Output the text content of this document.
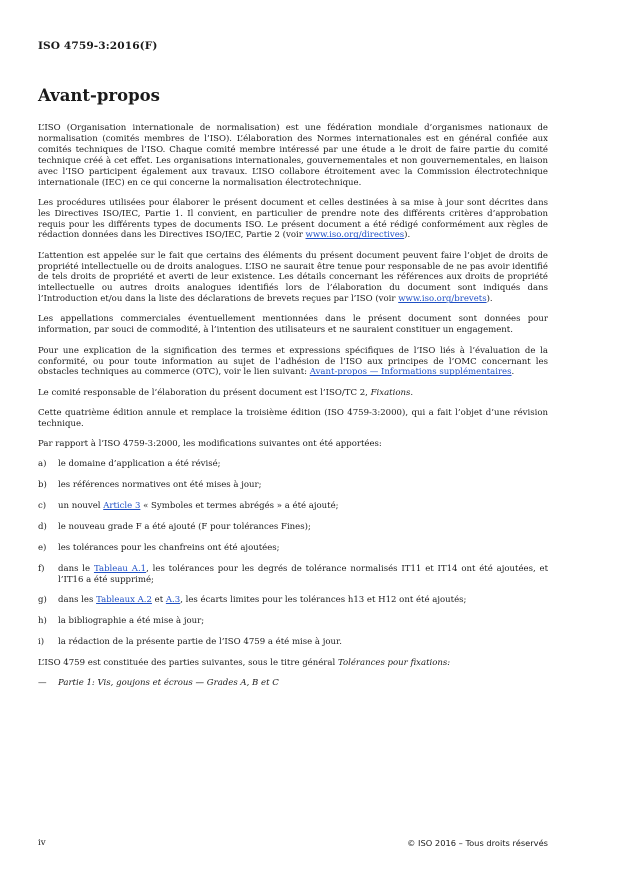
ISO 4759-3:2016(F)
Avant-propos

L’ISO (Organisation internationale de normalisation) est une fédération mondiale d’organismes nationaux de normalisation (comités membres de l’ISO). L’élaboration des Normes internationales est en général confiée aux comités techniques de l’ISO. Chaque comité membre intéressé par une étude a le droit de faire partie du comité technique créé à cet effet. Les organisations internationales, gouvernementales et non gouvernementales, en liaison avec l’ISO participent également aux travaux. L’ISO collabore étroitement avec la Commission électrotechnique internationale (IEC) en ce qui concerne la normalisation électrotechnique.

Les procédures utilisées pour élaborer le présent document et celles destinées à sa mise à jour sont décrites dans les Directives ISO/IEC, Partie 1. Il convient, en particulier de prendre note des différents critères d’approbation requis pour les différents types de documents ISO. Le présent document a été rédigé conformément aux règles de rédaction données dans les Directives ISO/IEC, Partie 2 (voir www.iso.org/directives).

L’attention est appelée sur le fait que certains des éléments du présent document peuvent faire l’objet de droits de propriété intellectuelle ou de droits analogues. L’ISO ne saurait être tenue pour responsable de ne pas avoir identifié de tels droits de propriété et averti de leur existence. Les détails concernant les références aux droits de propriété intellectuelle ou autres droits analogues identifiés lors de l’élaboration du document sont indiqués dans l’Introduction et/ou dans la liste des déclarations de brevets reçues par l’ISO (voir www.iso.org/brevets).

Les appellations commerciales éventuellement mentionnées dans le présent document sont données pour information, par souci de commodité, à l’intention des utilisateurs et ne sauraient constituer un engagement.

Pour une explication de la signification des termes et expressions spécifiques de l’ISO liés à l’évaluation de la conformité, ou pour toute information au sujet de l’adhésion de l’ISO aux principes de l’OMC concernant les obstacles techniques au commerce (OTC), voir le lien suivant: Avant-propos — Informations supplémentaires.

Le comité responsable de l’élaboration du présent document est l’ISO/TC 2, Fixations.

Cette quatrième édition annule et remplace la troisième édition (ISO 4759-3:2000), qui a fait l’objet d’une révision technique.

Par rapport à l’ISO 4759-3:2000, les modifications suivantes ont été apportées:

a)	le domaine d’application a été révisé;
b)	les références normatives ont été mises à jour;
c)	un nouvel Article 3 « Symboles et termes abrégés » a été ajouté;
d)	le nouveau grade F a été ajouté (F pour tolérances Fines);
e)	les tolérances pour les chanfreins ont été ajoutées;
f)	dans le Tableau A.1, les tolérances pour les degrés de tolérance normalisés IT11 et IT14 ont été ajoutées, et l’IT16 a été supprimé;
g)	dans les Tableaux A.2 et A.3, les écarts limites pour les tolérances h13 et H12 ont été ajoutés;
h)	la bibliographie a été mise à jour;
i)	la rédaction de la présente partie de l’ISO 4759 a été mise à jour.

L’ISO 4759 est constituée des parties suivantes, sous le titre général Tolérances pour fixations:

—	Partie 1: Vis, goujons et écrous — Grades A, B et C
iv	© ISO 2016 – Tous droits réservés
